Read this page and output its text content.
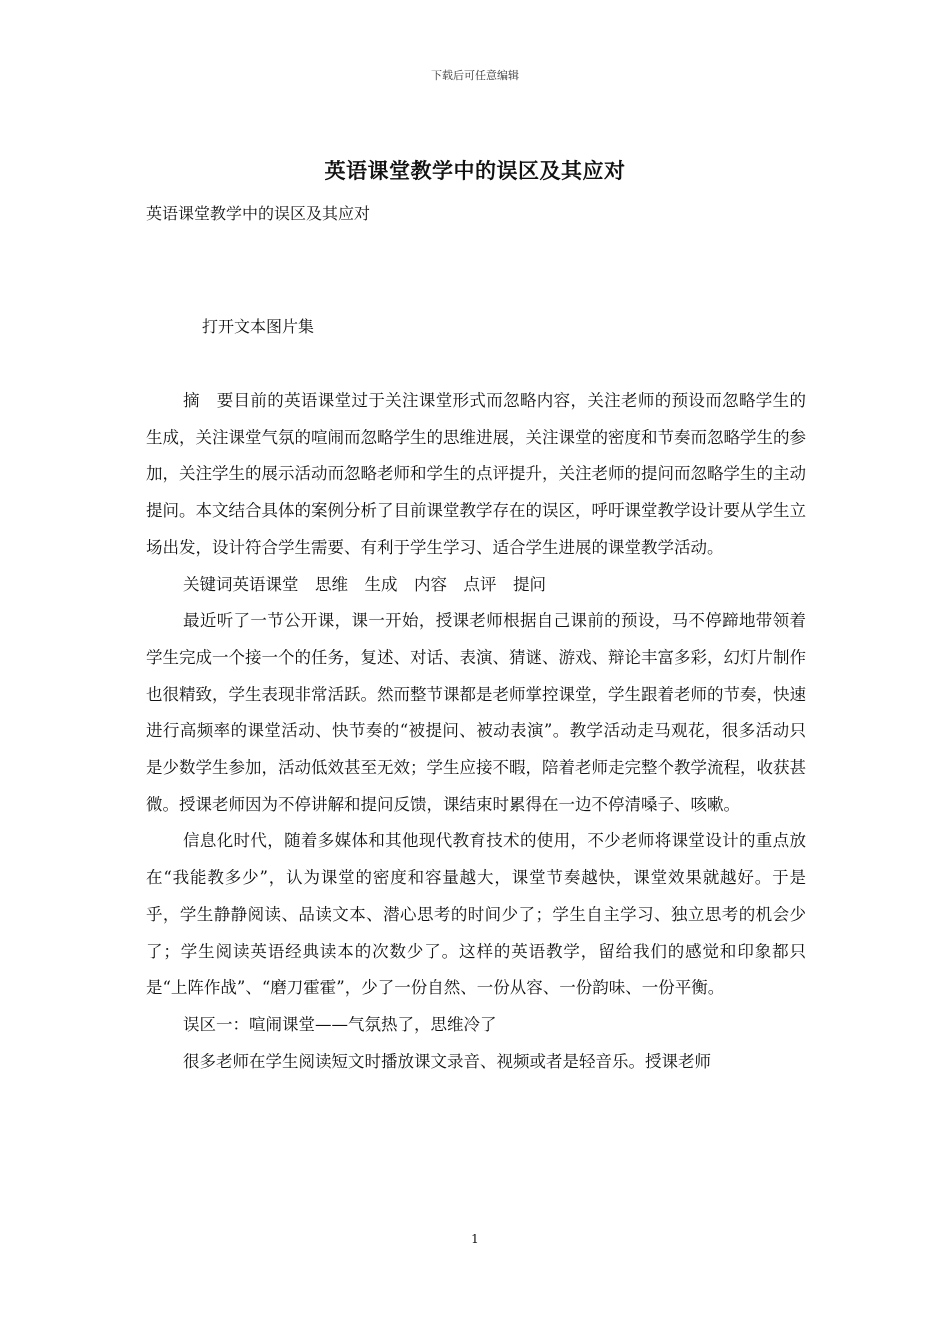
下载后可任意编辑
英语课堂教学中的误区及其应对
英语课堂教学中的误区及其应对
打开文本图片集

摘　要目前的英语课堂过于关注课堂形式而忽略内容，关注老师的预设而忽略学生的生成，关注课堂气氛的喧闹而忽略学生的思维进展，关注课堂的密度和节奏而忽略学生的参加，关注学生的展示活动而忽略老师和学生的点评提升，关注老师的提问而忽略学生的主动提问。本文结合具体的案例分析了目前课堂教学存在的误区，呼吁课堂教学设计要从学生立场出发，设计符合学生需要、有利于学生学习、适合学生进展的课堂教学活动。

关键词英语课堂　思维　生成　内容　点评　提问

最近听了一节公开课，课一开始，授课老师根据自己课前的预设，马不停蹄地带领着学生完成一个接一个的任务，复述、对话、表演、猜谜、游戏、辩论丰富多彩，幻灯片制作也很精致，学生表现非常活跃。然而整节课都是老师掌控课堂，学生跟着老师的节奏，快速进行高频率的课堂活动、快节奏的“被提问、被动表演”。教学活动走马观花，很多活动只是少数学生参加，活动低效甚至无效；学生应接不暇，陪着老师走完整个教学流程，收获甚微。授课老师因为不停讲解和提问反馈，课结束时累得在一边不停清嗓子、咳嗽。

信息化时代，随着多媒体和其他现代教育技术的使用，不少老师将课堂设计的重点放在“我能教多少”，认为课堂的密度和容量越大，课堂节奏越快，课堂效果就越好。于是乎，学生静静阅读、品读文本、潜心思考的时间少了；学生自主学习、独立思考的机会少了；学生阅读英语经典读本的次数少了。这样的英语教学，留给我们的感觉和印象都只是“上阵作战”、“磨刀霍霍”，少了一份自然、一份从容、一份韵味、一份平衡。

误区一：喧闹课堂——气氛热了，思维冷了

很多老师在学生阅读短文时播放课文录音、视频或者是轻音乐。授课老师

1
